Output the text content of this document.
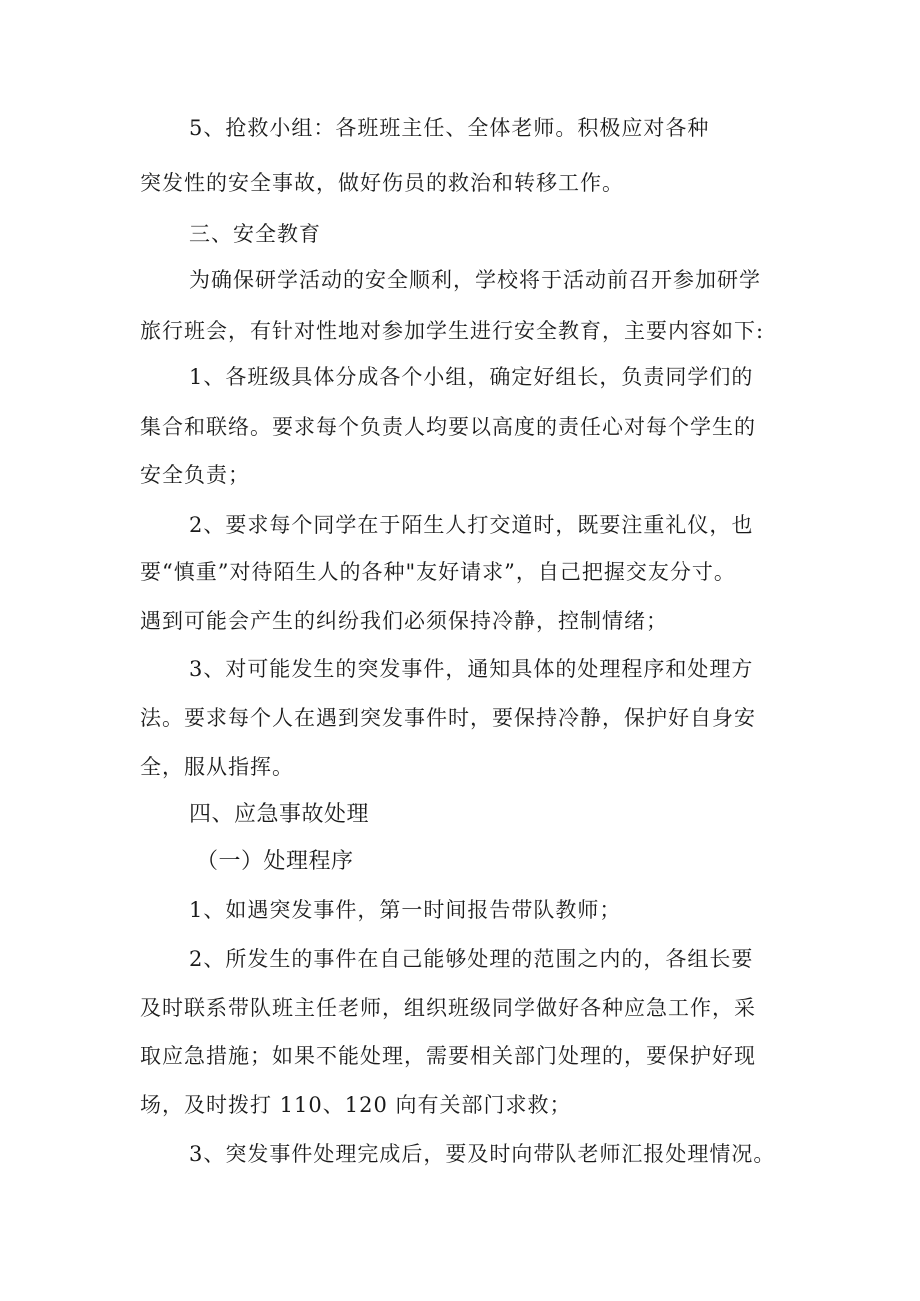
5、抢救小组：各班班主任、全体老师。积极应对各种
突发性的安全事故，做好伤员的救治和转移工作。
三、安全教育
为确保研学活动的安全顺利，学校将于活动前召开参加研学
旅行班会，有针对性地对参加学生进行安全教育，主要内容如下:
1、各班级具体分成各个小组，确定好组长，负责同学们的
集合和联络。要求每个负责人均要以高度的责任心对每个学生的
安全负责；
2、要求每个同学在于陌生人打交道时，既要注重礼仪，也
要“慎重”对待陌生人的各种"友好请求”，自己把握交友分寸。
遇到可能会产生的纠纷我们必须保持冷静，控制情绪；
3、对可能发生的突发事件，通知具体的处理程序和处理方
法。要求每个人在遇到突发事件时，要保持冷静，保护好自身安
全，服从指挥。
四、应急事故处理
（一）处理程序
1、如遇突发事件，第一时间报告带队教师；
2、所发生的事件在自己能够处理的范围之内的，各组长要
及时联系带队班主任老师，组织班级同学做好各种应急工作，采
取应急措施；如果不能处理，需要相关部门处理的，要保护好现
场，及时拨打 110、120 向有关部门求救；
3、突发事件处理完成后，要及时向带队老师汇报处理情况。
